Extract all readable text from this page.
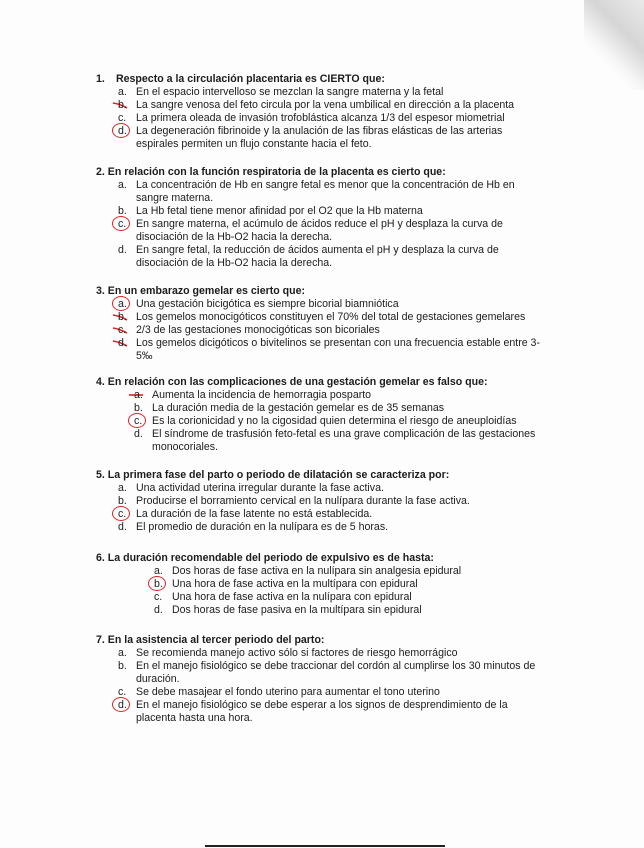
1. Respecto a la circulación placentaria es CIERTO que:
a. En el espacio intervelloso se mezclan la sangre materna y la fetal
b. La sangre venosa del feto circula por la vena umbilical en dirección a la placenta
c. La primera oleada de invasión trofoblástica alcanza 1/3 del espesor miometrial
d. La degeneración fibrinoide y la anulación de las fibras elásticas de las arterias espirales permiten un flujo constante hacia el feto.
2. En relación con la función respiratoria de la placenta es cierto que:
a. La concentración de Hb en sangre fetal es menor que la concentración de Hb en sangre materna.
b. La Hb fetal tiene menor afinidad por el O2 que la Hb materna
c. En sangre materna, el acúmulo de ácidos reduce el pH y desplaza la curva de disociación de la Hb-O2 hacia la derecha.
d. En sangre fetal, la reducción de ácidos aumenta el pH y desplaza la curva de disociación de la Hb-O2 hacia la derecha.
3. En un embarazo gemelar es cierto que:
a. Una gestación bicigótica es siempre bicorial biamniótica
b. Los gemelos monocigóticos constituyen el 70% del total de gestaciones gemelares
c. 2/3 de las gestaciones monocigóticas son bicoriales
d. Los gemelos dicigóticos o bivitelinos se presentan con una frecuencia estable entre 3-5‰
4. En relación con las complicaciones de una gestación gemelar es falso que:
a. Aumenta la incidencia de hemorragia posparto
b. La duración media de la gestación gemelar es de 35 semanas
c. Es la corionicidad y no la cigosidad quien determina el riesgo de aneuploidías
d. El síndrome de trasfusión feto-fetal es una grave complicación de las gestaciones monocoriales.
5. La primera fase del parto o periodo de dilatación se caracteriza por:
a. Una actividad uterina irregular durante la fase activa.
b. Producirse el borramiento cervical en la nulípara durante la fase activa.
c. La duración de la fase latente no está establecida.
d. El promedio de duración en la nulípara es de 5 horas.
6. La duración recomendable del periodo de expulsivo es de hasta:
a. Dos horas de fase activa en la nulípara sin analgesia epidural
b. Una hora de fase activa en la multípara con epidural
c. Una hora de fase activa en la nulípara con epidural
d. Dos horas de fase pasiva en la multípara sin epidural
7. En la asistencia al tercer periodo del parto:
a. Se recomienda manejo activo sólo si factores de riesgo hemorrágico
b. En el manejo fisiológico se debe traccionar del cordón al cumplirse los 30 minutos de duración.
c. Se debe masajear el fondo uterino para aumentar el tono uterino
d. En el manejo fisiológico se debe esperar a los signos de desprendimiento de la placenta hasta una hora.
